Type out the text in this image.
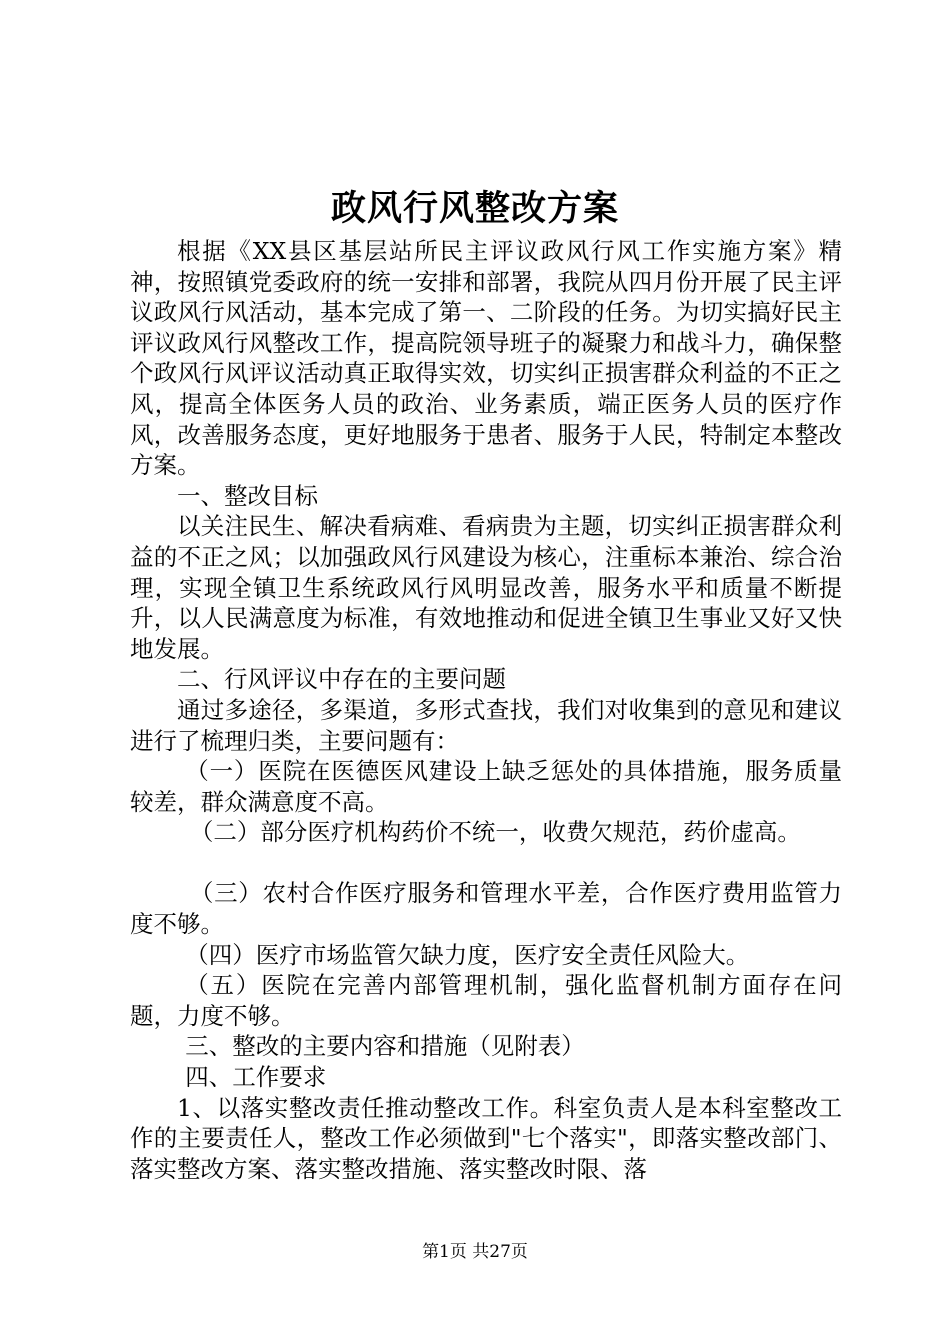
政风行风整改方案

根据《XX县区基层站所民主评议政风行风工作实施方案》精神，按照镇党委政府的统一安排和部署，我院从四月份开展了民主评议政风行风活动，基本完成了第一、二阶段的任务。为切实搞好民主评议政风行风整改工作，提高院领导班子的凝聚力和战斗力，确保整个政风行风评议活动真正取得实效，切实纠正损害群众利益的不正之风，提高全体医务人员的政治、业务素质，端正医务人员的医疗作风，改善服务态度，更好地服务于患者、服务于人民，特制定本整改方案。

一、整改目标

以关注民生、解决看病难、看病贵为主题，切实纠正损害群众利益的不正之风；以加强政风行风建设为核心，注重标本兼治、综合治理，实现全镇卫生系统政风行风明显改善，服务水平和质量不断提升，以人民满意度为标准，有效地推动和促进全镇卫生事业又好又快地发展。

二、行风评议中存在的主要问题

通过多途径，多渠道，多形式查找，我们对收集到的意见和建议进行了梳理归类，主要问题有：

（一）医院在医德医风建设上缺乏惩处的具体措施，服务质量较差，群众满意度不高。

（二）部分医疗机构药价不统一，收费欠规范，药价虚高。

（三）农村合作医疗服务和管理水平差，合作医疗费用监管力度不够。

（四）医疗市场监管欠缺力度，医疗安全责任风险大。

（五）医院在完善内部管理机制，强化监督机制方面存在问题，力度不够。

三、整改的主要内容和措施（见附表）

四、工作要求

1、以落实整改责任推动整改工作。科室负责人是本科室整改工作的主要责任人，整改工作必须做到"七个落实"，即落实整改部门、落实整改方案、落实整改措施、落实整改时限、落

第1页 共27页
